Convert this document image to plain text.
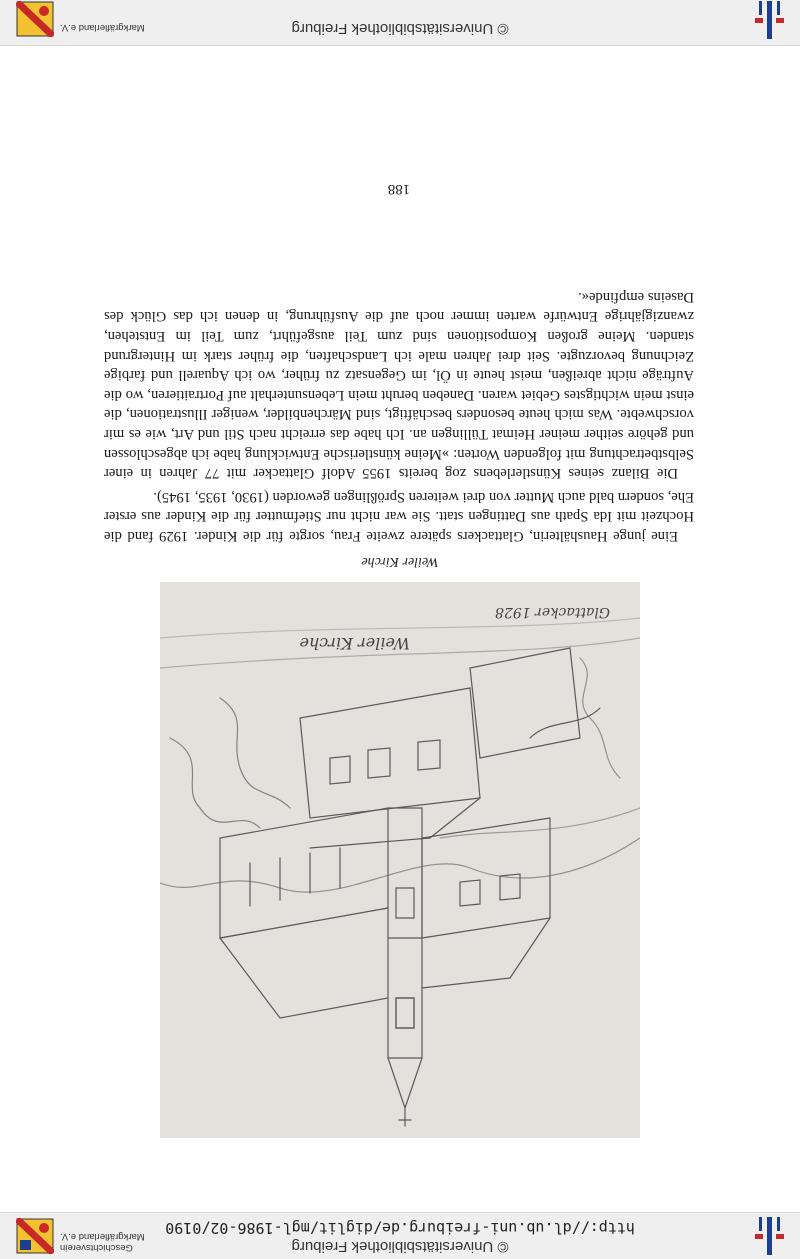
© Universitätsbibliothek Freiburg
http://dl.ub.uni-freiburg.de/diglit/mgl-1986-02/0190
Geschichtsverein
Markgräflerland e.V.
© Universitätsbibliothek Freiburg
Markgräflerland e.V.
Weiler Kirche
Glattacker 1928
Weiler Kirche

Eine junge Haushälterin, Glattackers spätere zweite Frau, sorgte für die Kinder. 1929 fand die Hochzeit mit Ida Spath aus Dattingen statt. Sie war nicht nur Stiefmutter für die Kinder aus erster Ehe, sondern bald auch Mutter von drei weiteren Sprößlingen geworden (1930, 1935, 1945).

Die Bilanz seines Künstlerlebens zog bereits 1955 Adolf Glattacker mit 77 Jahren in einer Selbstbetrachtung mit folgenden Worten: »Meine künstlerische Entwicklung habe ich abgeschlossen und gehöre seither meiner Heimat Tüllingen an. Ich habe das erreicht nach Stil und Art, wie es mir vorschwebte. Was mich heute besonders beschäftigt, sind Märchenbilder, weniger Illustrationen, die einst mein wichtigstes Gebiet waren. Daneben beruht mein Lebensunterhalt auf Portraitieren, wo die Aufträge nicht abreißen, meist heute in Öl, im Gegensatz zu früher, wo ich Aquarell und farbige Zeichnung bevorzugte. Seit drei Jahren male ich Landschaften, die früher stark im Hintergrund standen. Meine großen Kompositionen sind zum Teil ausgeführt, zum Teil im Entstehen, zwanzigjährige Entwürfe warten immer noch auf die Ausführung, in denen ich das Glück des Daseins empfinde«.

188
